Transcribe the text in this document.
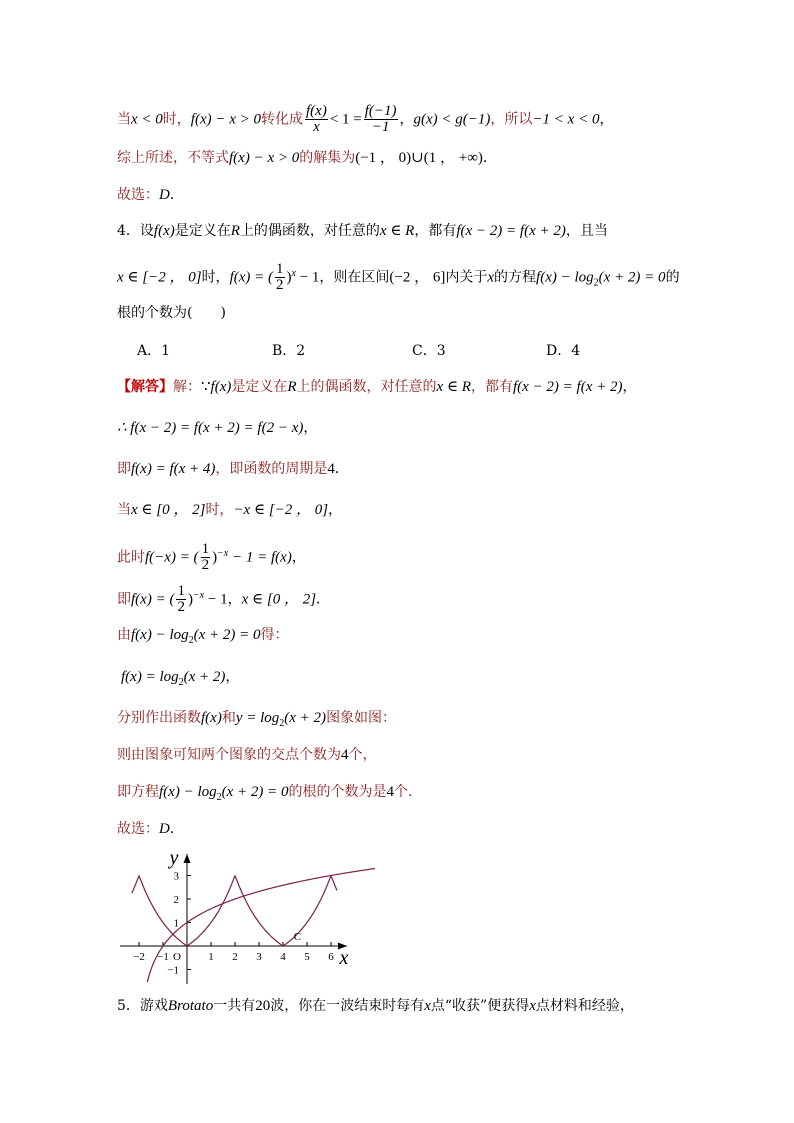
当x < 0时，f(x) − x > 0转化成 $\frac{f(x)}{x} < 1 = \frac{f(-1)}{-1}$ ，g(x) < g(−1)，所以−1 < x < 0，
综上所述，不等式f(x) − x > 0的解集为(−1 ， 0)∪(1 ， +∞)．
故选：D．
4．设f(x)是定义在R上的偶函数，对任意的x ∈ R，都有f(x − 2) = f(x + 2)，且当
x ∈ [−2 ， 0]时，f(x) = ( $\frac{1}{2} )^x - 1$，则在区间(−2 ， 6]内关于x的方程$f(x) - \log_2(x + 2) = 0$的
根的个数为(　　)
A．1	B．2	C．3	D．4
【解答】解：∵f(x)是定义在R上的偶函数，对任意的x ∈ R，都有f(x − 2) = f(x + 2)，
∴ f(x − 2) = f(x + 2) = f(2 − x)，
即f(x) = f(x + 4)，即函数的周期是4．
当x ∈ [0 ， 2]时，−x ∈ [−2 ， 0]，
此时f(−x) = ( $\frac{1}{2} )^{-x} - 1 = f(x)$，
即f(x) = ( $\frac{1}{2} )^{-x} - 1$，x ∈ [0 ， 2]．
由$f(x) - \log_2(x + 2) = 0$得：
$f(x) = \log_2(x + 2)$，
分别作出函数f(x)和$y = \log_2(x + 2)$图象如图：
则由图象可知两个图象的交点个数为4个，
即方程$f(x) - \log_2(x + 2) = 0$的根的个数为是4个．
故选：D．
x
y
O
−2 −1	1 2 3 4 5 6
3
2
1
−1
C
5．游戏Brotato一共有20波，你在一波结束时每有x点“收获”便获得x点材料和经验，
